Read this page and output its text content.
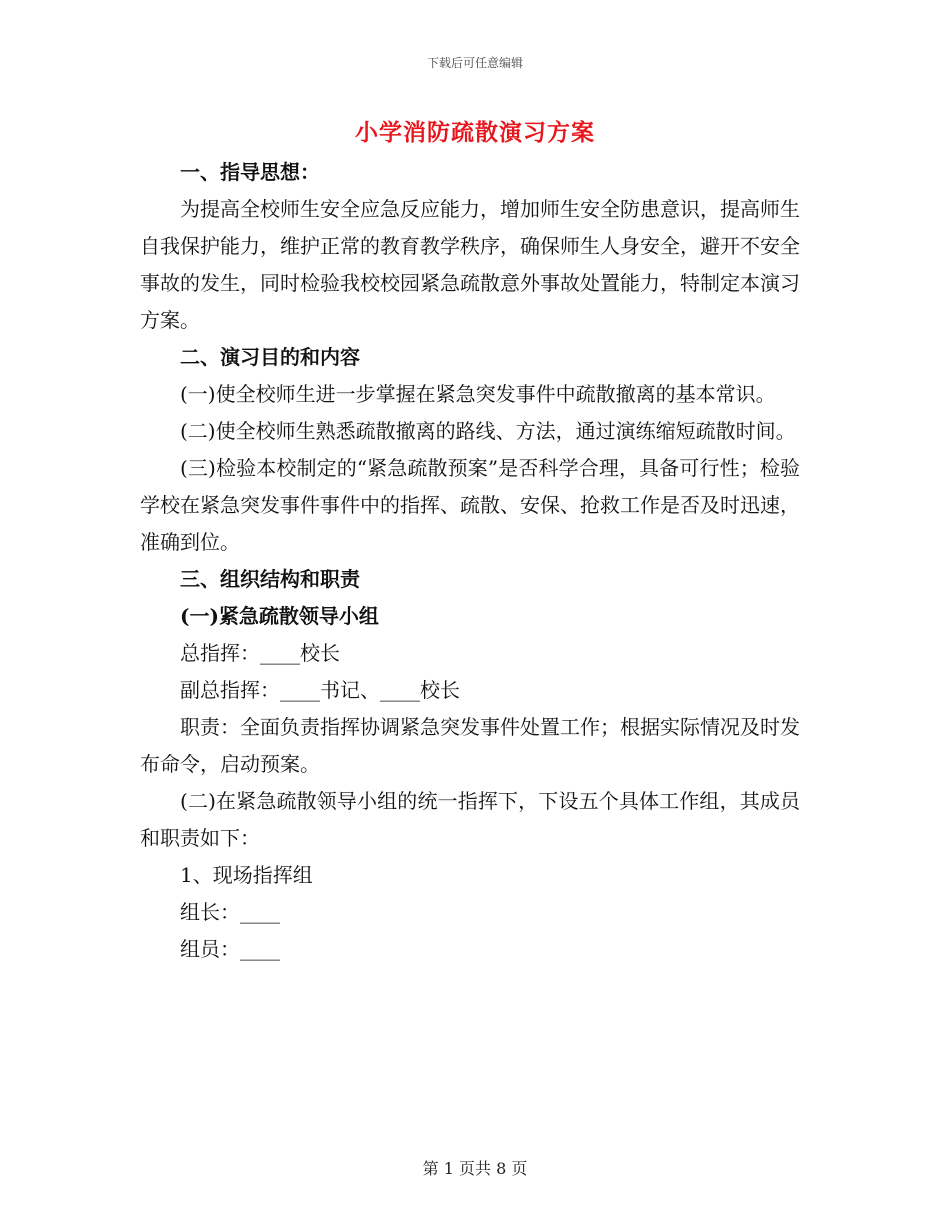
下载后可任意编辑
小学消防疏散演习方案

一、指导思想：

为提高全校师生安全应急反应能力，增加师生安全防患意识，提高师生自我保护能力，维护正常的教育教学秩序，确保师生人身安全，避开不安全事故的发生，同时检验我校校园紧急疏散意外事故处置能力，特制定本演习方案。

二、演习目的和内容

(一)使全校师生进一步掌握在紧急突发事件中疏散撤离的基本常识。

(二)使全校师生熟悉疏散撤离的路线、方法，通过演练缩短疏散时间。

(三)检验本校制定的“紧急疏散预案”是否科学合理，具备可行性；检验学校在紧急突发事件事件中的指挥、疏散、安保、抢救工作是否及时迅速，准确到位。

三、组织结构和职责

(一)紧急疏散领导小组

总指挥：____校长

副总指挥：____书记、____校长

职责：全面负责指挥协调紧急突发事件处置工作；根据实际情况及时发布命令，启动预案。

(二)在紧急疏散领导小组的统一指挥下，下设五个具体工作组，其成员和职责如下：

1、现场指挥组

组长：____

组员：____

第 1 页共 8 页
